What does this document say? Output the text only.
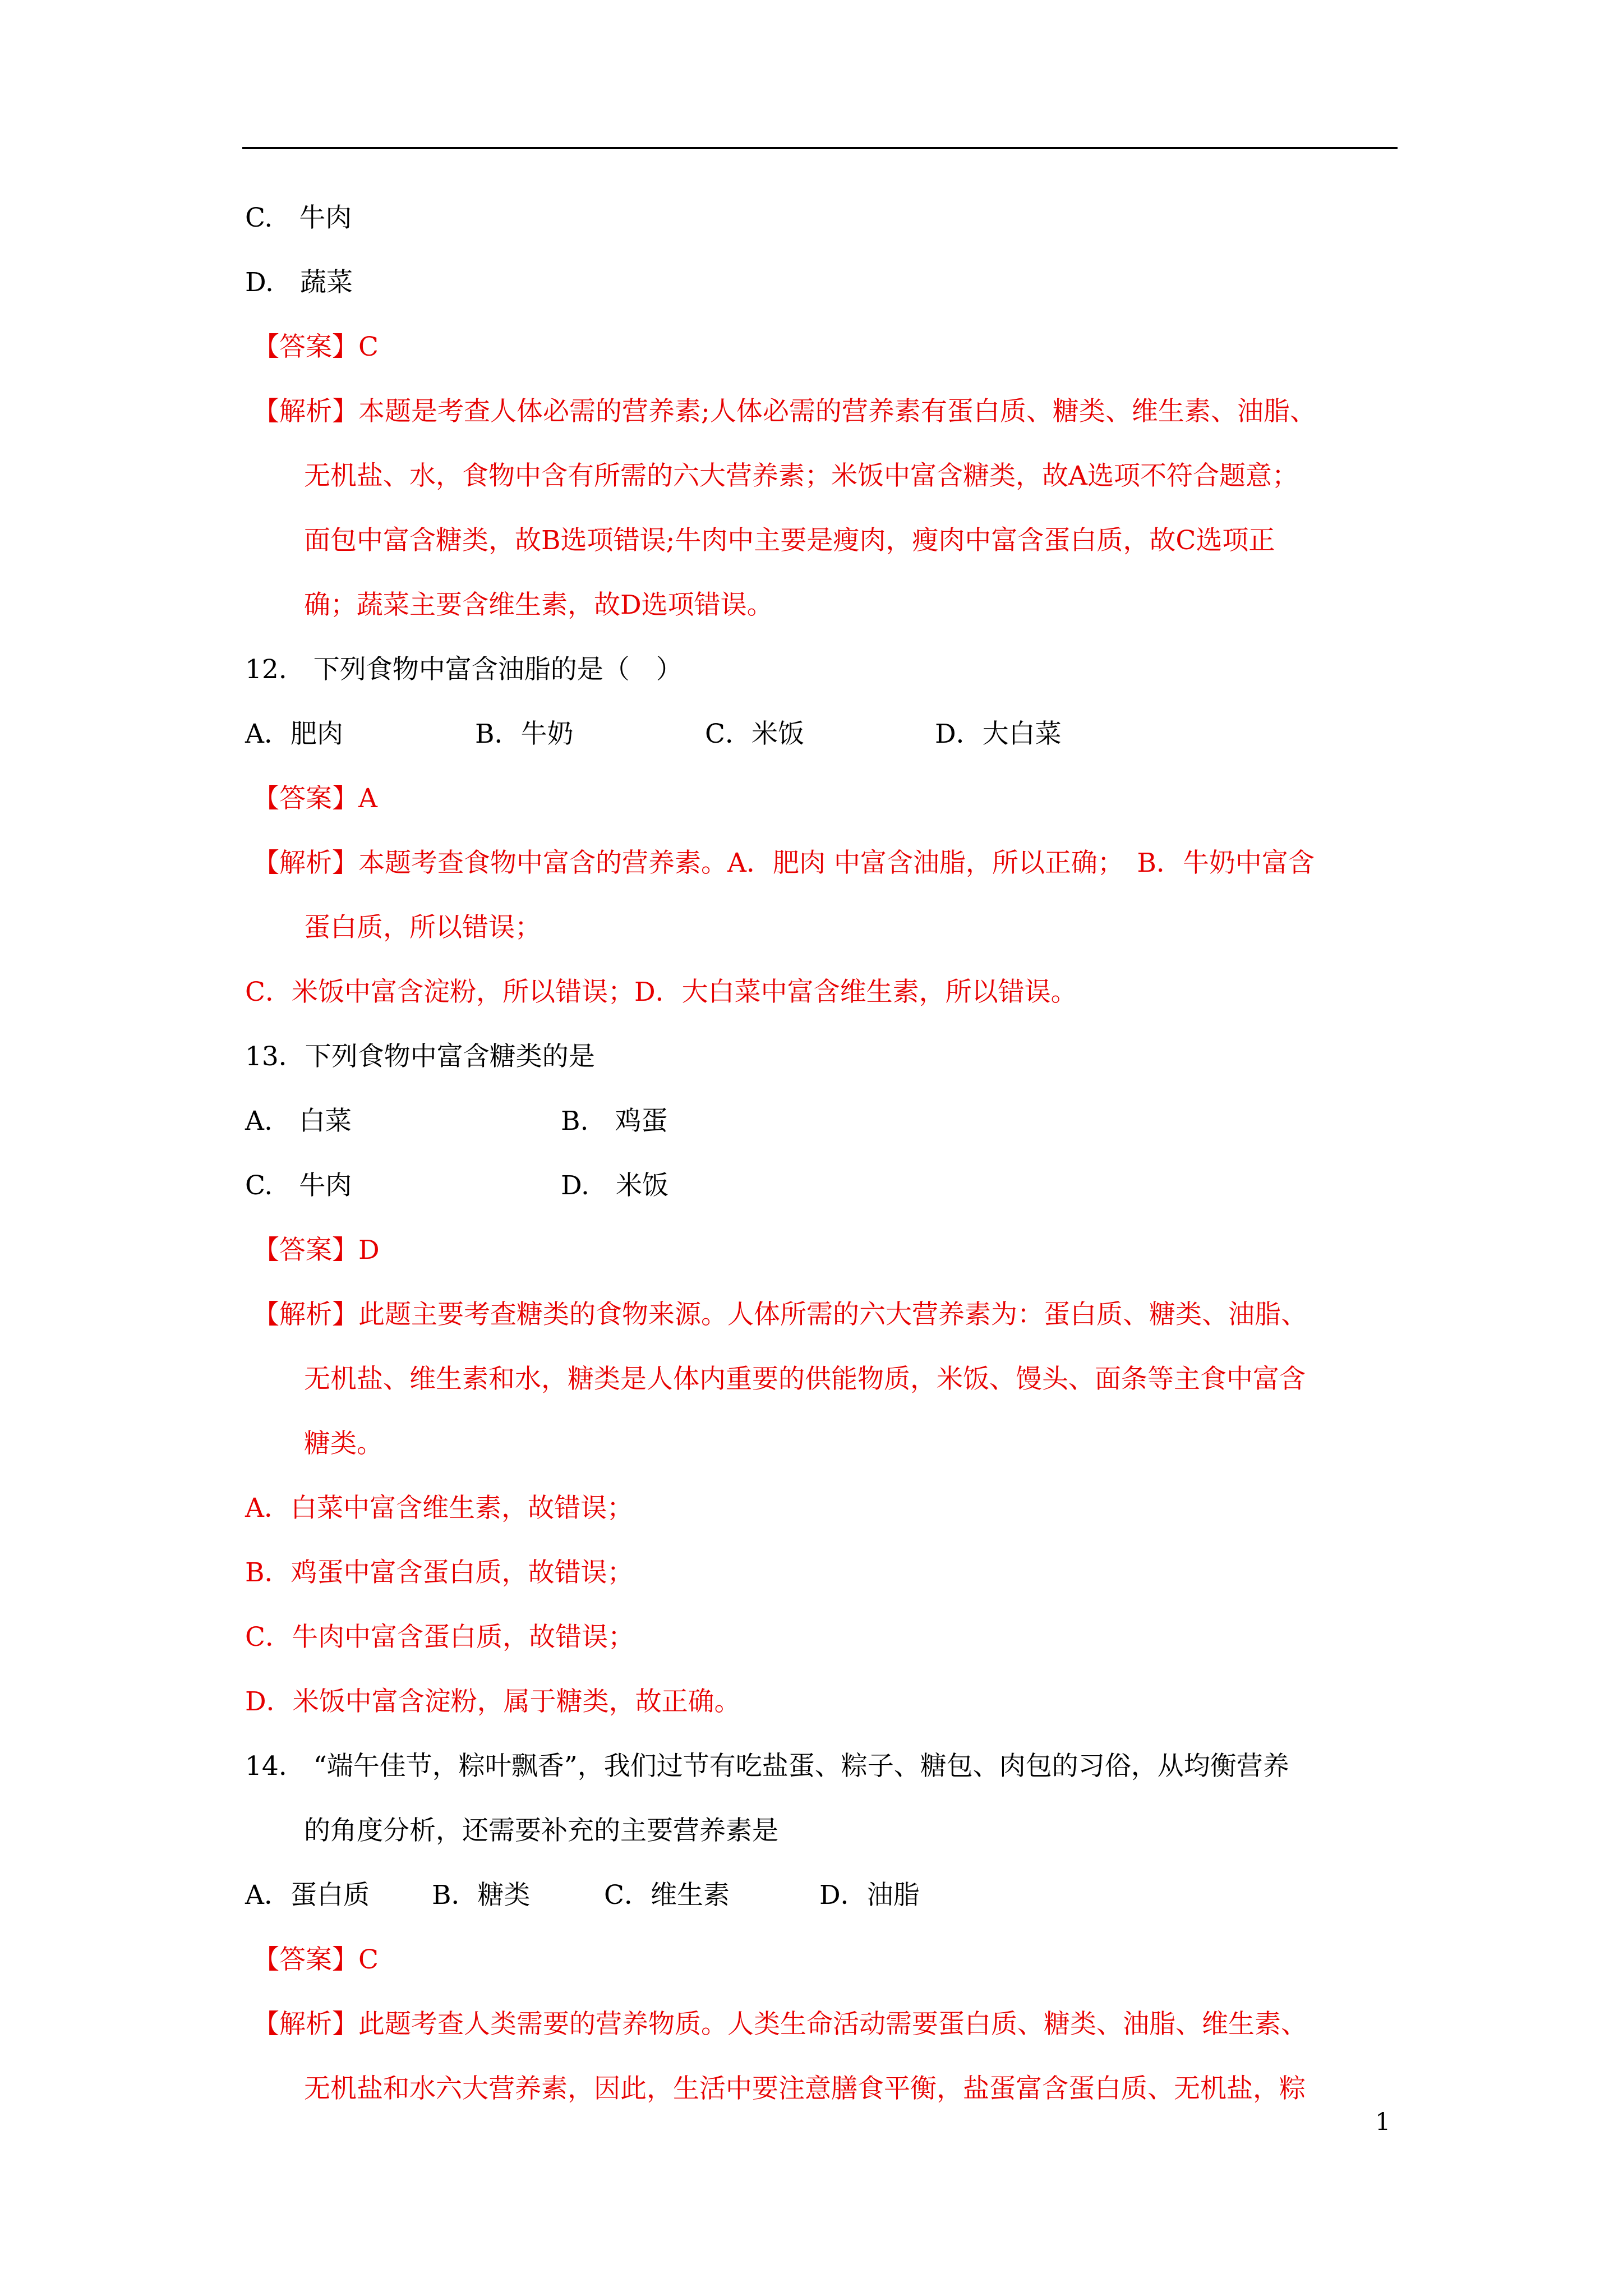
C.　牛肉
D.　蔬菜
【答案】C
【解析】本题是考查人体必需的营养素;人体必需的营养素有蛋白质、糖类、维生素、油脂、
无机盐、水，食物中含有所需的六大营养素；米饭中富含糖类，故A选项不符合题意；
面包中富含糖类，故B选项错误;牛肉中主要是瘦肉，瘦肉中富含蛋白质，故C选项正
确；蔬菜主要含维生素，故D选项错误。
12.　下列食物中富含油脂的是（　）
A．肥肉	B．牛奶	C．米饭	D．大白菜
【答案】A
【解析】本题考查食物中富含的营养素。A．肥肉 中富含油脂，所以正确；　B．牛奶中富含
蛋白质，所以错误；
C．米饭中富含淀粉，所以错误；D．大白菜中富含维生素，所以错误。
13．下列食物中富含糖类的是
A.　白菜	B.　鸡蛋
C.　牛肉	D.　米饭
【答案】D
【解析】此题主要考查糖类的食物来源。人体所需的六大营养素为：蛋白质、糖类、油脂、
无机盐、维生素和水，糖类是人体内重要的供能物质，米饭、馒头、面条等主食中富含
糖类。
A．白菜中富含维生素，故错误；
B．鸡蛋中富含蛋白质，故错误；
C．牛肉中富含蛋白质，故错误；
D．米饭中富含淀粉，属于糖类，故正确。
14.　“端午佳节，粽叶飘香”，我们过节有吃盐蛋、粽子、糖包、肉包的习俗，从均衡营养
的角度分析，还需要补充的主要营养素是
A．蛋白质 B．糖类	C．维生素	D．油脂
【答案】C
【解析】此题考查人类需要的营养物质。人类生命活动需要蛋白质、糖类、油脂、维生素、
无机盐和水六大营养素，因此，生活中要注意膳食平衡，盐蛋富含蛋白质、无机盐，粽
1
